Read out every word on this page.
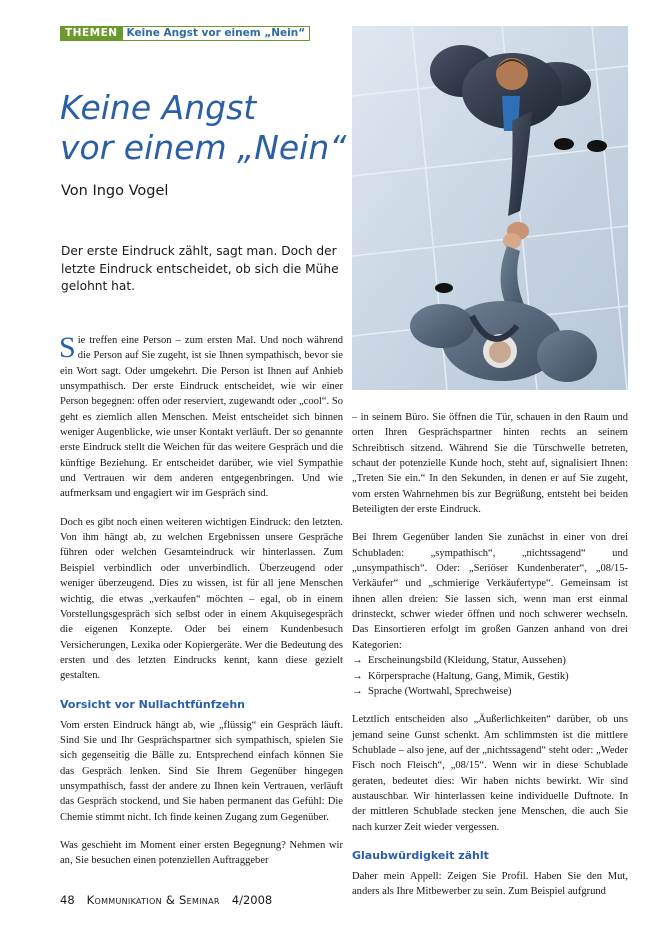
THEMEN Keine Angst vor einem „Nein“
Keine Angst
vor einem „Nein“
Von Ingo Vogel

Der erste Eindruck zählt, sagt man. Doch der letzte Eindruck entscheidet, ob sich die Mühe gelohnt hat.

Sie treffen eine Person – zum ersten Mal. Und noch während die Person auf Sie zugeht, ist sie Ihnen sympathisch, bevor sie ein Wort sagt. Oder umgekehrt. Die Person ist Ihnen auf Anhieb unsympathisch. Der erste Eindruck entscheidet, wie wir einer Person begegnen: offen oder reserviert, zugewandt oder „cool“. So geht es ziemlich allen Menschen. Meist entscheidet sich binnen weniger Augenblicke, wie unser Kontakt verläuft. Der so genannte erste Eindruck stellt die Weichen für das weitere Gespräch und die künftige Beziehung. Er entscheidet darüber, wie viel Sympathie und Vertrauen wir dem anderen entgegenbringen. Und wie aufmerksam und engagiert wir im Gespräch sind.

Doch es gibt noch einen weiteren wichtigen Eindruck: den letzten. Von ihm hängt ab, zu welchen Ergebnissen unsere Gespräche führen oder welchen Gesamteindruck wir hinterlassen. Zum Beispiel verbindlich oder unverbindlich. Überzeugend oder weniger überzeugend. Dies zu wissen, ist für all jene Menschen wichtig, die etwas „verkaufen“ möchten – egal, ob in einem Vorstellungsgespräch sich selbst oder in einem Akquisegespräch die eigenen Konzepte. Oder bei einem Kundenbesuch Versicherungen, Lexika oder Kopiergeräte. Wer die Bedeutung des ersten und des letzten Eindrucks kennt, kann diese gezielt gestalten.

Vorsicht vor Nullachtfünfzehn

Vom ersten Eindruck hängt ab, wie „flüssig“ ein Gespräch läuft. Sind Sie und Ihr Gesprächspartner sich sympathisch, spielen Sie sich gegenseitig die Bälle zu. Entsprechend einfach können Sie das Gespräch lenken. Sind Sie Ihrem Gegenüber hingegen unsympathisch, fasst der andere zu Ihnen kein Vertrauen, verläuft das Gespräch stockend, und Sie haben permanent das Gefühl: Die Chemie stimmt nicht. Ich finde keinen Zugang zum Gegenüber.

Was geschieht im Moment einer ersten Begegnung? Nehmen wir an, Sie besuchen einen potenziellen Auftraggeber

– in seinem Büro. Sie öffnen die Tür, schauen in den Raum und orten Ihren Gesprächspartner hinten rechts an seinem Schreibtisch sitzend. Während Sie die Türschwelle betreten, schaut der potenzielle Kunde hoch, steht auf, signalisiert Ihnen: „Treten Sie ein.“ In den Sekunden, in denen er auf Sie zugeht, vom ersten Wahrnehmen bis zur Begrüßung, entsteht bei beiden Beteiligten der erste Eindruck.

Bei Ihrem Gegenüber landen Sie zunächst in einer von drei Schubladen: „sympathisch“, „nichtssagend“ und „unsympathisch“. Oder: „Seriöser Kundenberater“, „08/15-Verkäufer“ und „schmierige Verkäufertype“. Gemeinsam ist ihnen allen dreien: Sie lassen sich, wenn man erst einmal drinsteckt, schwer wieder öffnen und noch schwerer wechseln. Das Einsortieren erfolgt im großen Ganzen anhand von drei Kategorien:

→ Erscheinungsbild (Kleidung, Statur, Aussehen)
→ Körpersprache (Haltung, Gang, Mimik, Gestik)
→ Sprache (Wortwahl, Sprechweise)

Letztlich entscheiden also „Äußerlichkeiten“ darüber, ob uns jemand seine Gunst schenkt. Am schlimmsten ist die mittlere Schublade – also jene, auf der „nichtssagend“ steht oder: „Weder Fisch noch Fleisch“, „08/15“. Wenn wir in diese Schublade geraten, bedeutet dies: Wir haben nichts bewirkt. Wir sind austauschbar. Wir hinterlassen keine individuelle Duftnote. In der mittleren Schublade stecken jene Menschen, die auch Sie nach kurzer Zeit wieder vergessen.

Glaubwürdigkeit zählt

Daher mein Appell: Zeigen Sie Profil. Haben Sie den Mut, anders als Ihre Mitbewerber zu sein. Zum Beispiel aufgrund

48 Kommunikation & Seminar 4/2008
